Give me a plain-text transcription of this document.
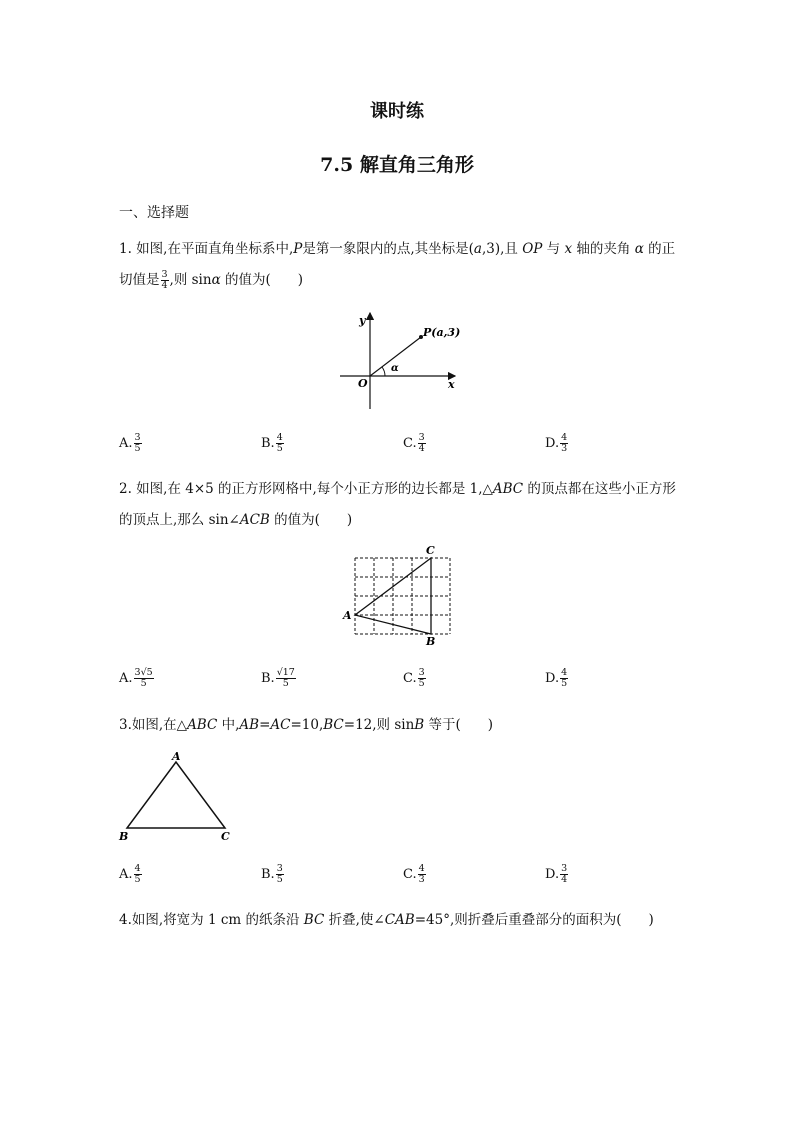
课时练
7.5 解直角三角形
一、选择题
1. 如图,在平面直角坐标系中,P是第一象限内的点,其坐标是(a,3),且 OP 与 x 轴的夹角 α 的正
切值是 $\frac{3}{4}$ ,则 sinα 的值为(　　)
y
x
O
P(a,3)
α
A. $\frac{3}{5}$	B. $\frac{4}{5}$	C. $\frac{3}{4}$	D. $\frac{4}{3}$
2. 如图,在 4×5 的正方形网格中,每个小正方形的边长都是 1,△ABC 的顶点都在这些小正方形
的顶点上,那么 sin∠ACB 的值为(　　)
A
B
C
A. $\frac{3√5}{5}$	B. $\frac{√17}{5}$	C. $\frac{3}{5}$	D. $\frac{4}{5}$
3.如图,在△ABC 中,AB=AC=10,BC=12,则 sinB 等于(　　)
A
B	C
A. $\frac{4}{5}$	B. $\frac{3}{5}$	C. $\frac{4}{3}$	D. $\frac{3}{4}$
4.如图,将宽为 1 cm 的纸条沿 BC 折叠,使∠CAB=45°,则折叠后重叠部分的面积为(　　)
